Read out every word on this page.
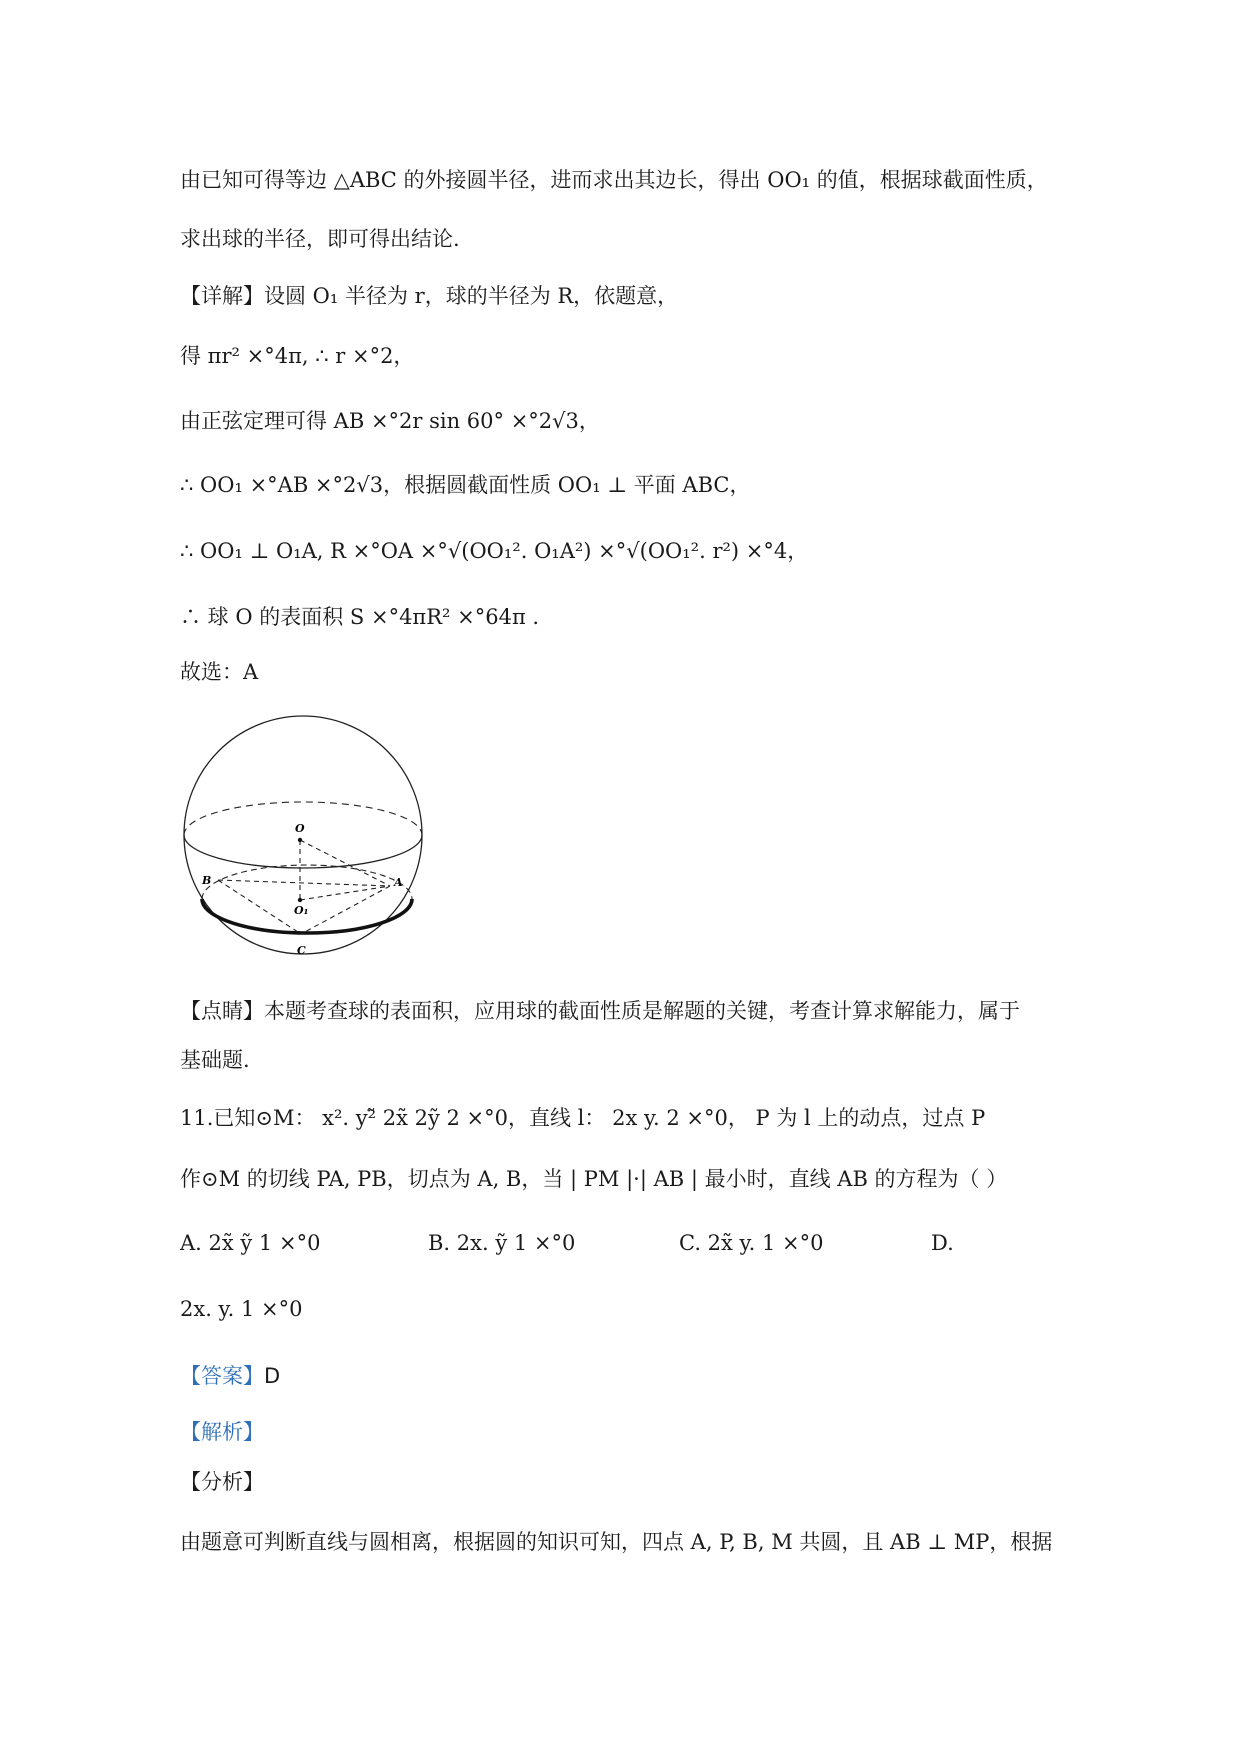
由已知可得等边 △ABC 的外接圆半径，进而求出其边长，得出 OO₁ 的值，根据球截面性质，

求出球的半径，即可得出结论.

【详解】设圆 O₁ 半径为 r，球的半径为 R，依题意，

得 πr² ×°4π, ∴ r ×°2，

由正弦定理可得 AB ×°2r sin 60° ×°2√3，

∴ OO₁ ×°AB ×°2√3，根据圆截面性质 OO₁ ⊥ 平面 ABC，

∴ OO₁ ⊥ O₁A, R ×°OA ×°√(OO₁². O₁A²) ×°√(OO₁². r²) ×°4，

∴ 球 O 的表面积 S ×°4πR² ×°64π .

故选：A

O
A
B
O₁
C

【点睛】本题考查球的表面积，应用球的截面性质是解题的关键，考查计算求解能力，属于

基础题.

11.已知⊙M： x². y²̃ 2x̃ 2ỹ 2 ×°0，直线 l： 2x y. 2 ×°0， P 为 l 上的动点，过点 P

作⊙M 的切线 PA, PB，切点为 A, B，当 | PM |·| AB | 最小时，直线 AB 的方程为（ ）

A. 2x̃ ỹ 1 ×°0	B. 2x. ỹ 1 ×°0	C. 2x̃ y. 1 ×°0	D.

2x. y. 1 ×°0

【答案】D

【解析】

【分析】

由题意可判断直线与圆相离，根据圆的知识可知，四点 A, P, B, M 共圆，且 AB ⊥ MP，根据
